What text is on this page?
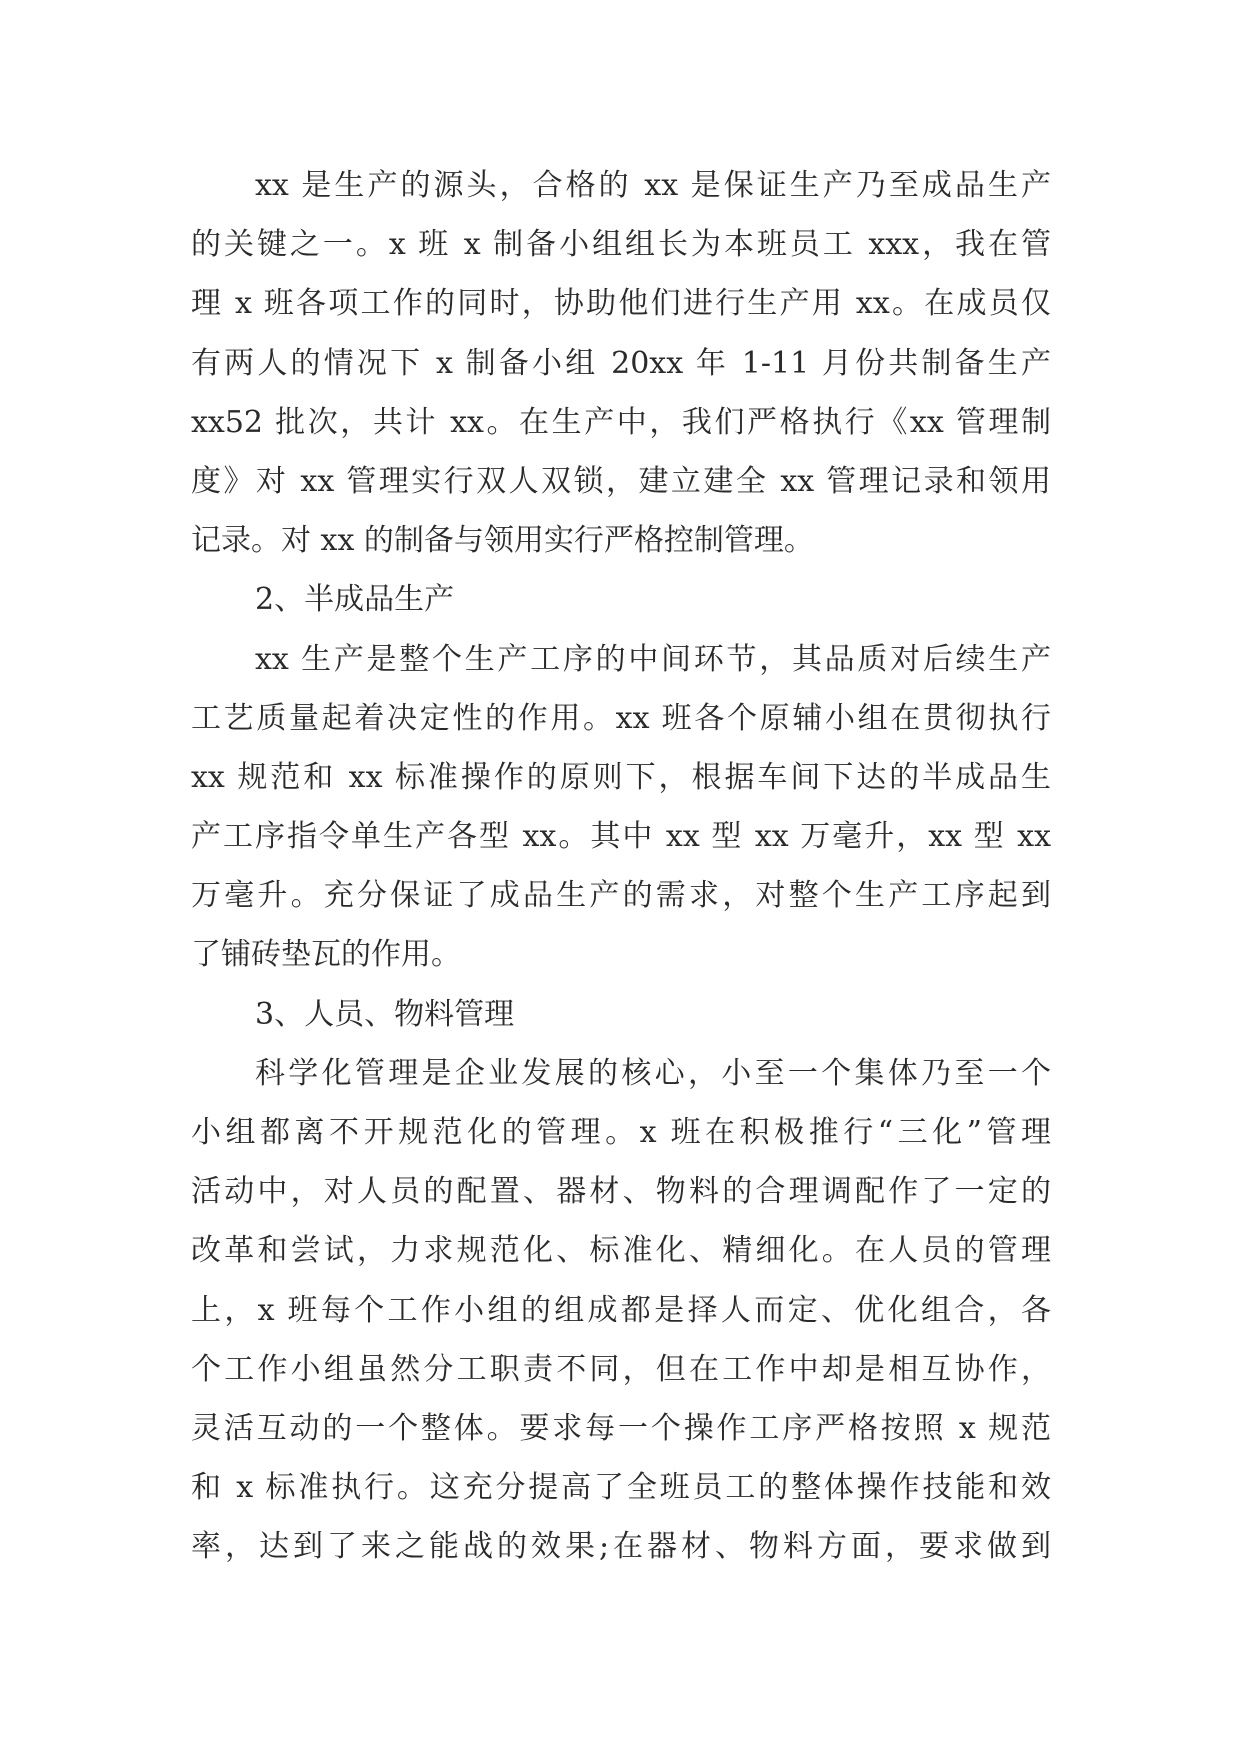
xx 是生产的源头，合格的 xx 是保证生产乃至成品生产
的关键之一。x 班 x 制备小组组长为本班员工 xxx，我在管
理 x 班各项工作的同时，协助他们进行生产用 xx。在成员仅
有两人的情况下 x 制备小组 20xx 年 1-11 月份共制备生产
xx52 批次，共计 xx。在生产中，我们严格执行《xx 管理制
度》对 xx 管理实行双人双锁，建立建全 xx 管理记录和领用
记录。对 xx 的制备与领用实行严格控制管理。
2、半成品生产
xx 生产是整个生产工序的中间环节，其品质对后续生产
工艺质量起着决定性的作用。xx 班各个原辅小组在贯彻执行
xx 规范和 xx 标准操作的原则下，根据车间下达的半成品生
产工序指令单生产各型 xx。其中 xx 型 xx 万毫升，xx 型 xx
万毫升。充分保证了成品生产的需求，对整个生产工序起到
了铺砖垫瓦的作用。
3、人员、物料管理
科学化管理是企业发展的核心，小至一个集体乃至一个
小组都离不开规范化的管理。x 班在积极推行“三化”管理
活动中，对人员的配置、器材、物料的合理调配作了一定的
改革和尝试，力求规范化、标准化、精细化。在人员的管理
上，x 班每个工作小组的组成都是择人而定、优化组合，各
个工作小组虽然分工职责不同，但在工作中却是相互协作，
灵活互动的一个整体。要求每一个操作工序严格按照 x 规范
和 x 标准执行。这充分提高了全班员工的整体操作技能和效
率，达到了来之能战的效果;在器材、物料方面，要求做到
